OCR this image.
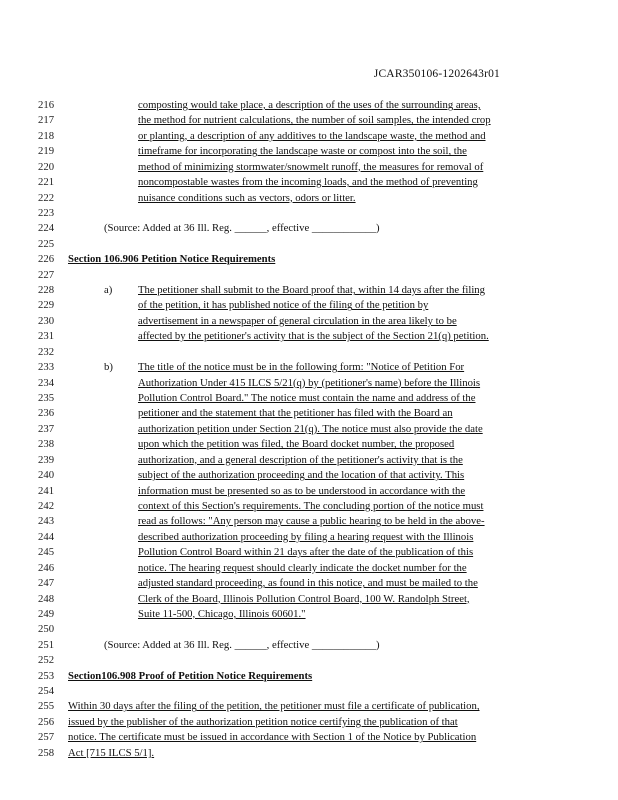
JCAR350106-1202643r01
216	composting would take place, a description of the uses of the surrounding areas,
217	the method for nutrient calculations, the number of soil samples, the intended crop
218	or planting, a description of any additives to the landscape waste, the method and
219	timeframe for incorporating the landscape waste or compost into the soil, the
220	method of minimizing stormwater/snowmelt runoff, the measures for removal of
221	noncompostable wastes from the incoming loads, and the method of preventing
222	nuisance conditions such as vectors, odors or litter.
223
224	(Source: Added at 36 Ill. Reg. ______, effective ____________)
225
226	Section 106.906 Petition Notice Requirements
227
228	a) The petitioner shall submit to the Board proof that, within 14 days after the filing
229	of the petition, it has published notice of the filing of the petition by
230	advertisement in a newspaper of general circulation in the area likely to be
231	affected by the petitioner's activity that is the subject of the Section 21(q) petition.
232
233	b) The title of the notice must be in the following form: "Notice of Petition For
234	Authorization Under 415 ILCS 5/21(q) by (petitioner's name) before the Illinois
235	Pollution Control Board." The notice must contain the name and address of the
236	petitioner and the statement that the petitioner has filed with the Board an
237	authorization petition under Section 21(q). The notice must also provide the date
238	upon which the petition was filed, the Board docket number, the proposed
239	authorization, and a general description of the petitioner's activity that is the
240	subject of the authorization proceeding and the location of that activity. This
241	information must be presented so as to be understood in accordance with the
242	context of this Section's requirements. The concluding portion of the notice must
243	read as follows: "Any person may cause a public hearing to be held in the above-
244	described authorization proceeding by filing a hearing request with the Illinois
245	Pollution Control Board within 21 days after the date of the publication of this
246	notice. The hearing request should clearly indicate the docket number for the
247	adjusted standard proceeding, as found in this notice, and must be mailed to the
248	Clerk of the Board, Illinois Pollution Control Board, 100 W. Randolph Street,
249	Suite 11-500, Chicago, Illinois 60601."
250
251	(Source: Added at 36 Ill. Reg. ______, effective ____________)
252
253	Section106.908 Proof of Petition Notice Requirements
254
255	Within 30 days after the filing of the petition, the petitioner must file a certificate of publication,
256	issued by the publisher of the authorization petition notice certifying the publication of that
257	notice. The certificate must be issued in accordance with Section 1 of the Notice by Publication
258	Act [715 ILCS 5/1].
